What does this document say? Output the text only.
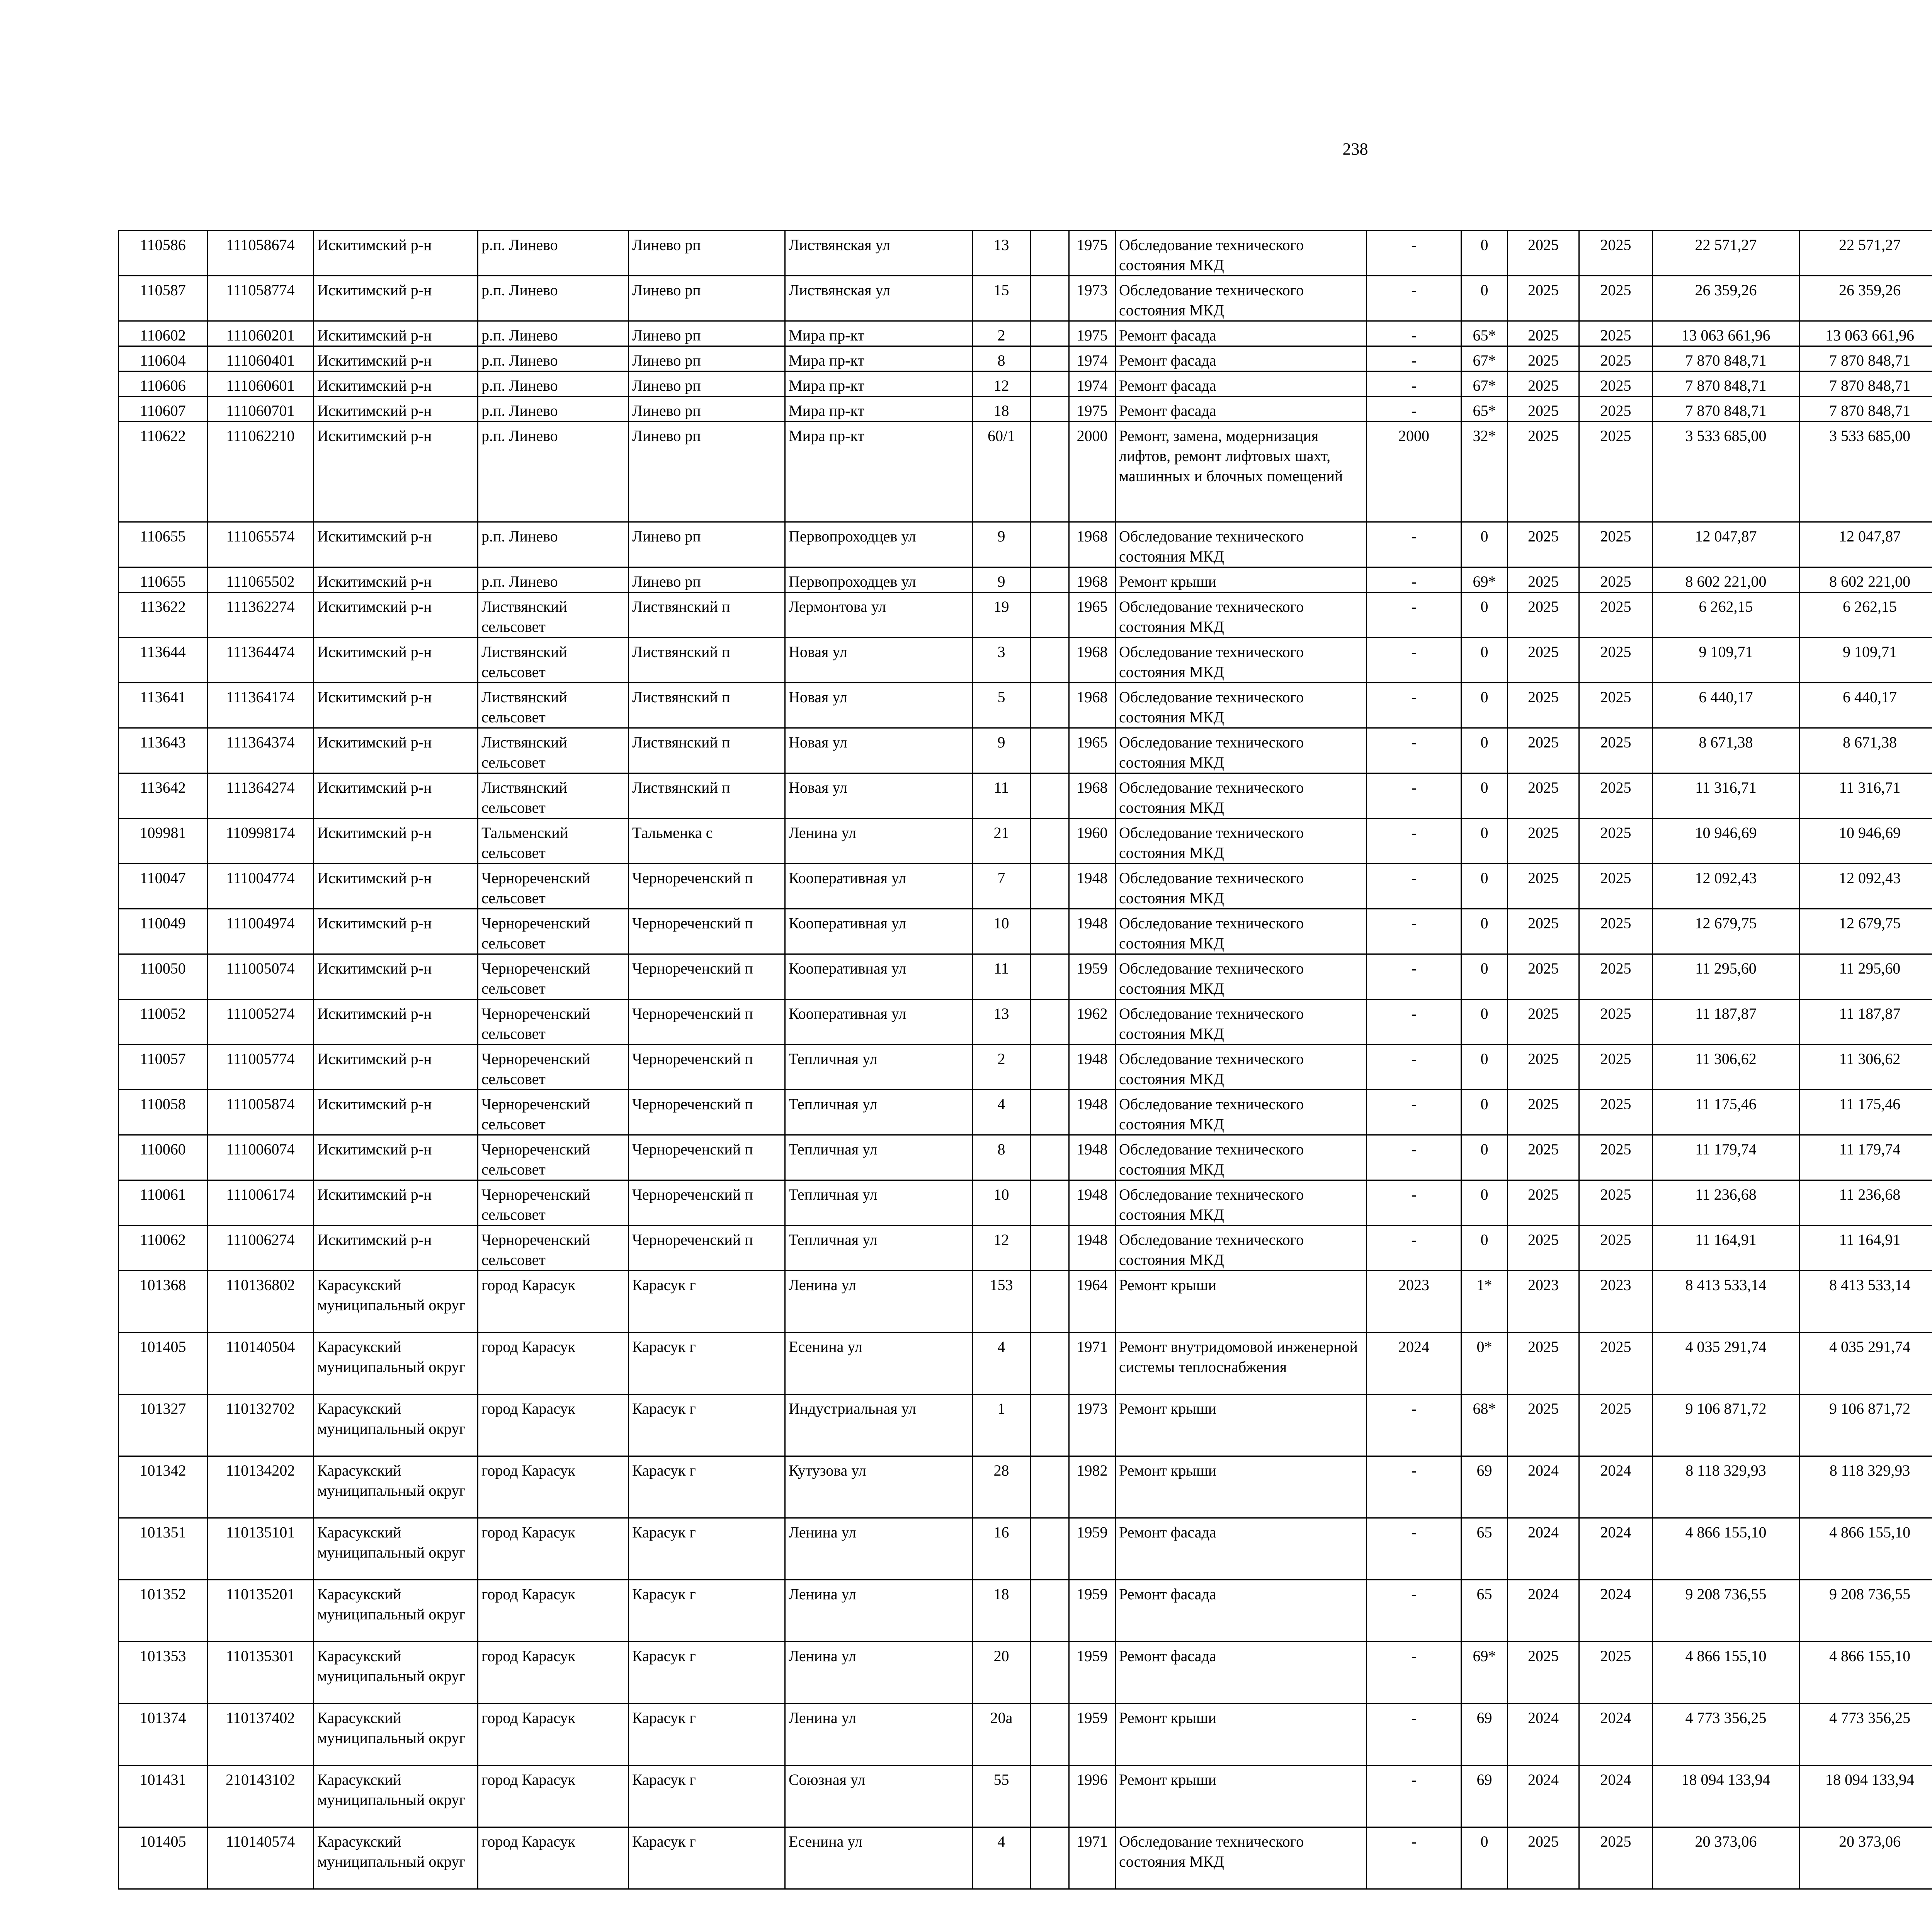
238
110586	111058674	Искитимский р-н	р.п. Линево	Линево рп	Листвянская ул	13		1975	Обследование технического состояния МКД	-	0	2025	2025	22 571,27	22 571,27						
110587	111058774	Искитимский р-н	р.п. Линево	Линево рп	Листвянская ул	15		1973	Обследование технического состояния МКД	-	0	2025	2025	26 359,26	26 359,26						
110602	111060201	Искитимский р-н	р.п. Линево	Линево рп	Мира пр-кт	2		1975	Ремонт фасада	-	65*	2025	2025	13 063 661,96	13 063 661,96						
110604	111060401	Искитимский р-н	р.п. Линево	Линево рп	Мира пр-кт	8		1974	Ремонт фасада	-	67*	2025	2025	7 870 848,71	7 870 848,71						
110606	111060601	Искитимский р-н	р.п. Линево	Линево рп	Мира пр-кт	12		1974	Ремонт фасада	-	67*	2025	2025	7 870 848,71	7 870 848,71						
110607	111060701	Искитимский р-н	р.п. Линево	Линево рп	Мира пр-кт	18		1975	Ремонт фасада	-	65*	2025	2025	7 870 848,71	7 870 848,71						
110622	111062210	Искитимский р-н	р.п. Линево	Линево рп	Мира пр-кт	60/1		2000	Ремонт, замена, модернизация лифтов, ремонт лифтовых шахт, машинных и блочных помещений	2000	32*	2025	2025	3 533 685,00	3 533 685,00						
110655	111065574	Искитимский р-н	р.п. Линево	Линево рп	Первопроходцев ул	9		1968	Обследование технического состояния МКД	-	0	2025	2025	12 047,87	12 047,87						
110655	111065502	Искитимский р-н	р.п. Линево	Линево рп	Первопроходцев ул	9		1968	Ремонт крыши	-	69*	2025	2025	8 602 221,00	8 602 221,00						
113622	111362274	Искитимский р-н	Листвянский сельсовет	Листвянский п	Лермонтова ул	19		1965	Обследование технического состояния МКД	-	0	2025	2025	6 262,15	6 262,15						
113644	111364474	Искитимский р-н	Листвянский сельсовет	Листвянский п	Новая ул	3		1968	Обследование технического состояния МКД	-	0	2025	2025	9 109,71	9 109,71						
113641	111364174	Искитимский р-н	Листвянский сельсовет	Листвянский п	Новая ул	5		1968	Обследование технического состояния МКД	-	0	2025	2025	6 440,17	6 440,17						
113643	111364374	Искитимский р-н	Листвянский сельсовет	Листвянский п	Новая ул	9		1965	Обследование технического состояния МКД	-	0	2025	2025	8 671,38	8 671,38						
113642	111364274	Искитимский р-н	Листвянский сельсовет	Листвянский п	Новая ул	11		1968	Обследование технического состояния МКД	-	0	2025	2025	11 316,71	11 316,71						
109981	110998174	Искитимский р-н	Тальменский сельсовет	Тальменка с	Ленина ул	21		1960	Обследование технического состояния МКД	-	0	2025	2025	10 946,69	10 946,69						
110047	111004774	Искитимский р-н	Чернореченский сельсовет	Чернореченский п	Кооперативная ул	7		1948	Обследование технического состояния МКД	-	0	2025	2025	12 092,43	12 092,43						
110049	111004974	Искитимский р-н	Чернореченский сельсовет	Чернореченский п	Кооперативная ул	10		1948	Обследование технического состояния МКД	-	0	2025	2025	12 679,75	12 679,75						
110050	111005074	Искитимский р-н	Чернореченский сельсовет	Чернореченский п	Кооперативная ул	11		1959	Обследование технического состояния МКД	-	0	2025	2025	11 295,60	11 295,60						
110052	111005274	Искитимский р-н	Чернореченский сельсовет	Чернореченский п	Кооперативная ул	13		1962	Обследование технического состояния МКД	-	0	2025	2025	11 187,87	11 187,87						
110057	111005774	Искитимский р-н	Чернореченский сельсовет	Чернореченский п	Тепличная ул	2		1948	Обследование технического состояния МКД	-	0	2025	2025	11 306,62	11 306,62						
110058	111005874	Искитимский р-н	Чернореченский сельсовет	Чернореченский п	Тепличная ул	4		1948	Обследование технического состояния МКД	-	0	2025	2025	11 175,46	11 175,46						
110060	111006074	Искитимский р-н	Чернореченский сельсовет	Чернореченский п	Тепличная ул	8		1948	Обследование технического состояния МКД	-	0	2025	2025	11 179,74	11 179,74						
110061	111006174	Искитимский р-н	Чернореченский сельсовет	Чернореченский п	Тепличная ул	10		1948	Обследование технического состояния МКД	-	0	2025	2025	11 236,68	11 236,68						
110062	111006274	Искитимский р-н	Чернореченский сельсовет	Чернореченский п	Тепличная ул	12		1948	Обследование технического состояния МКД	-	0	2025	2025	11 164,91	11 164,91						
101368	110136802	Карасукский муниципальный округ	город Карасук	Карасук г	Ленина ул	153		1964	Ремонт крыши	2023	1*	2023	2023	8 413 533,14	8 413 533,14						
101405	110140504	Карасукский муниципальный округ	город Карасук	Карасук г	Есенина ул	4		1971	Ремонт внутридомовой инженерной системы теплоснабжения	2024	0*	2025	2025	4 035 291,74	4 035 291,74						
101327	110132702	Карасукский муниципальный округ	город Карасук	Карасук г	Индустриальная ул	1		1973	Ремонт крыши	-	68*	2025	2025	9 106 871,72	9 106 871,72						
101342	110134202	Карасукский муниципальный округ	город Карасук	Карасук г	Кутузова ул	28		1982	Ремонт крыши	-	69	2024	2024	8 118 329,93	8 118 329,93						
101351	110135101	Карасукский муниципальный округ	город Карасук	Карасук г	Ленина ул	16		1959	Ремонт фасада	-	65	2024	2024	4 866 155,10	4 866 155,10						
101352	110135201	Карасукский муниципальный округ	город Карасук	Карасук г	Ленина ул	18		1959	Ремонт фасада	-	65	2024	2024	9 208 736,55	9 208 736,55						
101353	110135301	Карасукский муниципальный округ	город Карасук	Карасук г	Ленина ул	20		1959	Ремонт фасада	-	69*	2025	2025	4 866 155,10	4 866 155,10						
101374	110137402	Карасукский муниципальный округ	город Карасук	Карасук г	Ленина ул	20а		1959	Ремонт крыши	-	69	2024	2024	4 773 356,25	4 773 356,25						
101431	210143102	Карасукский муниципальный округ	город Карасук	Карасук г	Союзная ул	55		1996	Ремонт крыши	-	69	2024	2024	18 094 133,94	18 094 133,94						
101405	110140574	Карасукский муниципальный округ	город Карасук	Карасук г	Есенина ул	4		1971	Обследование технического состояния МКД	-	0	2025	2025	20 373,06	20 373,06						
